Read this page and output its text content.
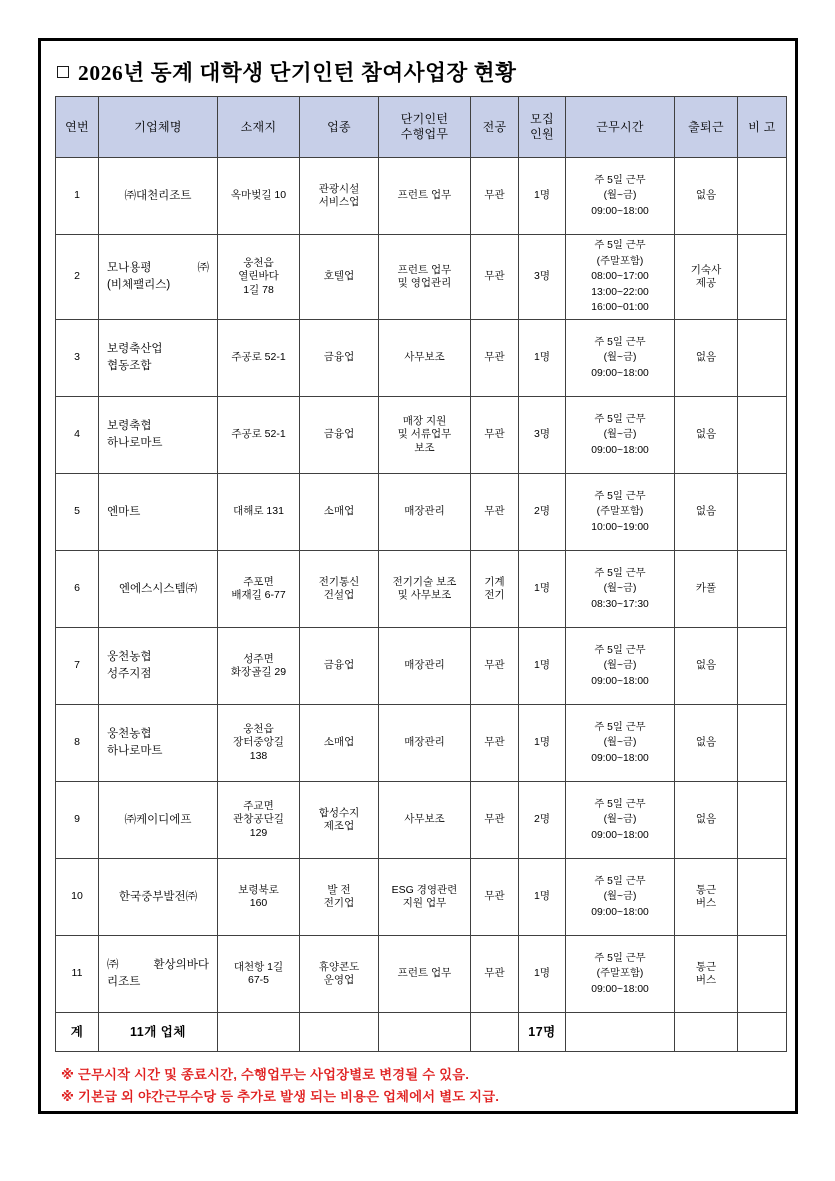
2026년 동계 대학생 단기인턴 참여사업장 현황
연번	기업체명	소재지	업종	단기인턴
수행업무	전공	모집
인원	근무시간	출퇴근	비 고

1	㈜대천리조트	옥마벚길 10	관광시설
서비스업	프런트 업무	무관	1명	주 5일 근무
(월~금)
09:00~18:00	없음	

2	모나용평㈜
(비체팰리스)	웅천읍
열린바다
1길 78	호텔업	프런트 업무
및 영업관리	무관	3명	주 5일 근무
(주말포함)
08:00~17:00
13:00~22:00
16:00~01:00	기숙사
제공	

3	보령축산업
협동조합	주공로 52-1	금융업	사무보조	무관	1명	주 5일 근무
(월~금)
09:00~18:00	없음	

4	보령축협
하나로마트	주공로 52-1	금융업	매장 지원
및 서류업무
보조	무관	3명	주 5일 근무
(월~금)
09:00~18:00	없음	

5	엔마트	대해로 131	소매업	매장관리	무관	2명	주 5일 근무
(주말포함)
10:00~19:00	없음	

6	엔에스시스템㈜	주포면
배재길 6-77	전기통신
건설업	전기기술 보조
및 사무보조	기계
전기	1명	주 5일 근무
(월~금)
08:30~17:30	카풀	

7	웅천농협
성주지점	성주면
화장골길 29	금융업	매장관리	무관	1명	주 5일 근무
(월~금)
09:00~18:00	없음	

8	웅천농협
하나로마트	웅천읍
장터중앙길
138	소매업	매장관리	무관	1명	주 5일 근무
(월~금)
09:00~18:00	없음	

9	㈜케이디에프	주교면
관창공단길
129	합성수지
제조업	사무보조	무관	2명	주 5일 근무
(월~금)
09:00~18:00	없음	

10	한국중부발전㈜	보령북로
160	발 전
전기업	ESG 경영관련
지원 업무	무관	1명	주 5일 근무
(월~금)
09:00~18:00	통근
버스	

11	㈜환상의바다
리조트	대천항 1길
67-5	휴양콘도
운영업	프런트 업무	무관	1명	주 5일 근무
(주말포함)
09:00~18:00	통근
버스	

계	11개 업체					17명			
※ 근무시작 시간 및 종료시간, 수행업무는 사업장별로 변경될 수 있음.
※ 기본급 외 야간근무수당 등 추가로 발생 되는 비용은 업체에서 별도 지급.
